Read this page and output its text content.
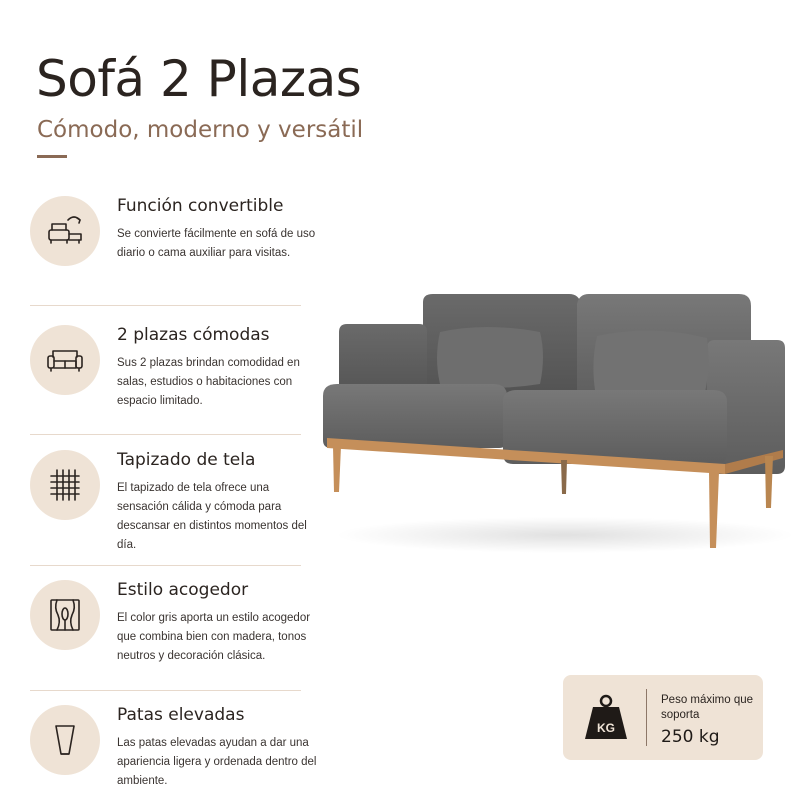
Sofá 2 Plazas
Cómodo, moderno y versátil
Función convertible
Se convierte fácilmente en sofá de uso diario o cama auxiliar para visitas.
2 plazas cómodas
Sus 2 plazas brindan comodidad en salas, estudios o habitaciones con espacio limitado.
Tapizado de tela
El tapizado de tela ofrece una sensación cálida y cómoda para descansar en distintos momentos del día.
Estilo acogedor
El color gris aporta un estilo acogedor que combina bien con madera, tonos neutros y decoración clásica.
Patas elevadas
Las patas elevadas ayudan a dar una apariencia ligera y ordenada dentro del ambiente.
KG
Peso máximo que soporta
250 kg
